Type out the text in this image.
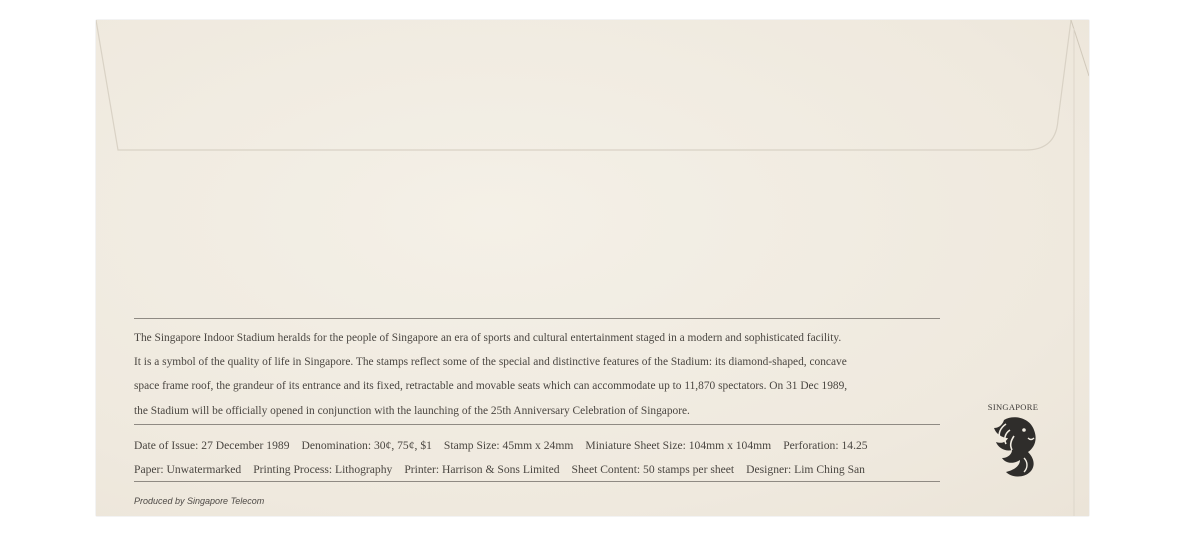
The Singapore Indoor Stadium heralds for the people of Singapore an era of sports and cultural entertainment staged in a modern and sophisticated facility.

It is a symbol of the quality of life in Singapore. The stamps reflect some of the special and distinctive features of the Stadium: its diamond-shaped, concave

space frame roof, the grandeur of its entrance and its fixed, retractable and movable seats which can accommodate up to 11,870 spectators. On 31 Dec 1989,

the Stadium will be officially opened in conjunction with the launching of the 25th Anniversary Celebration of Singapore.

Date of Issue: 27 December 1989 Denomination: 30¢, 75¢, $1 Stamp Size: 45mm x 24mm Miniature Sheet Size: 104mm x 104mm Perforation: 14.25
Paper: Unwatermarked Printing Process: Lithography Printer: Harrison & Sons Limited Sheet Content: 50 stamps per sheet Designer: Lim Ching San
Produced by Singapore Telecom
SINGAPORE
